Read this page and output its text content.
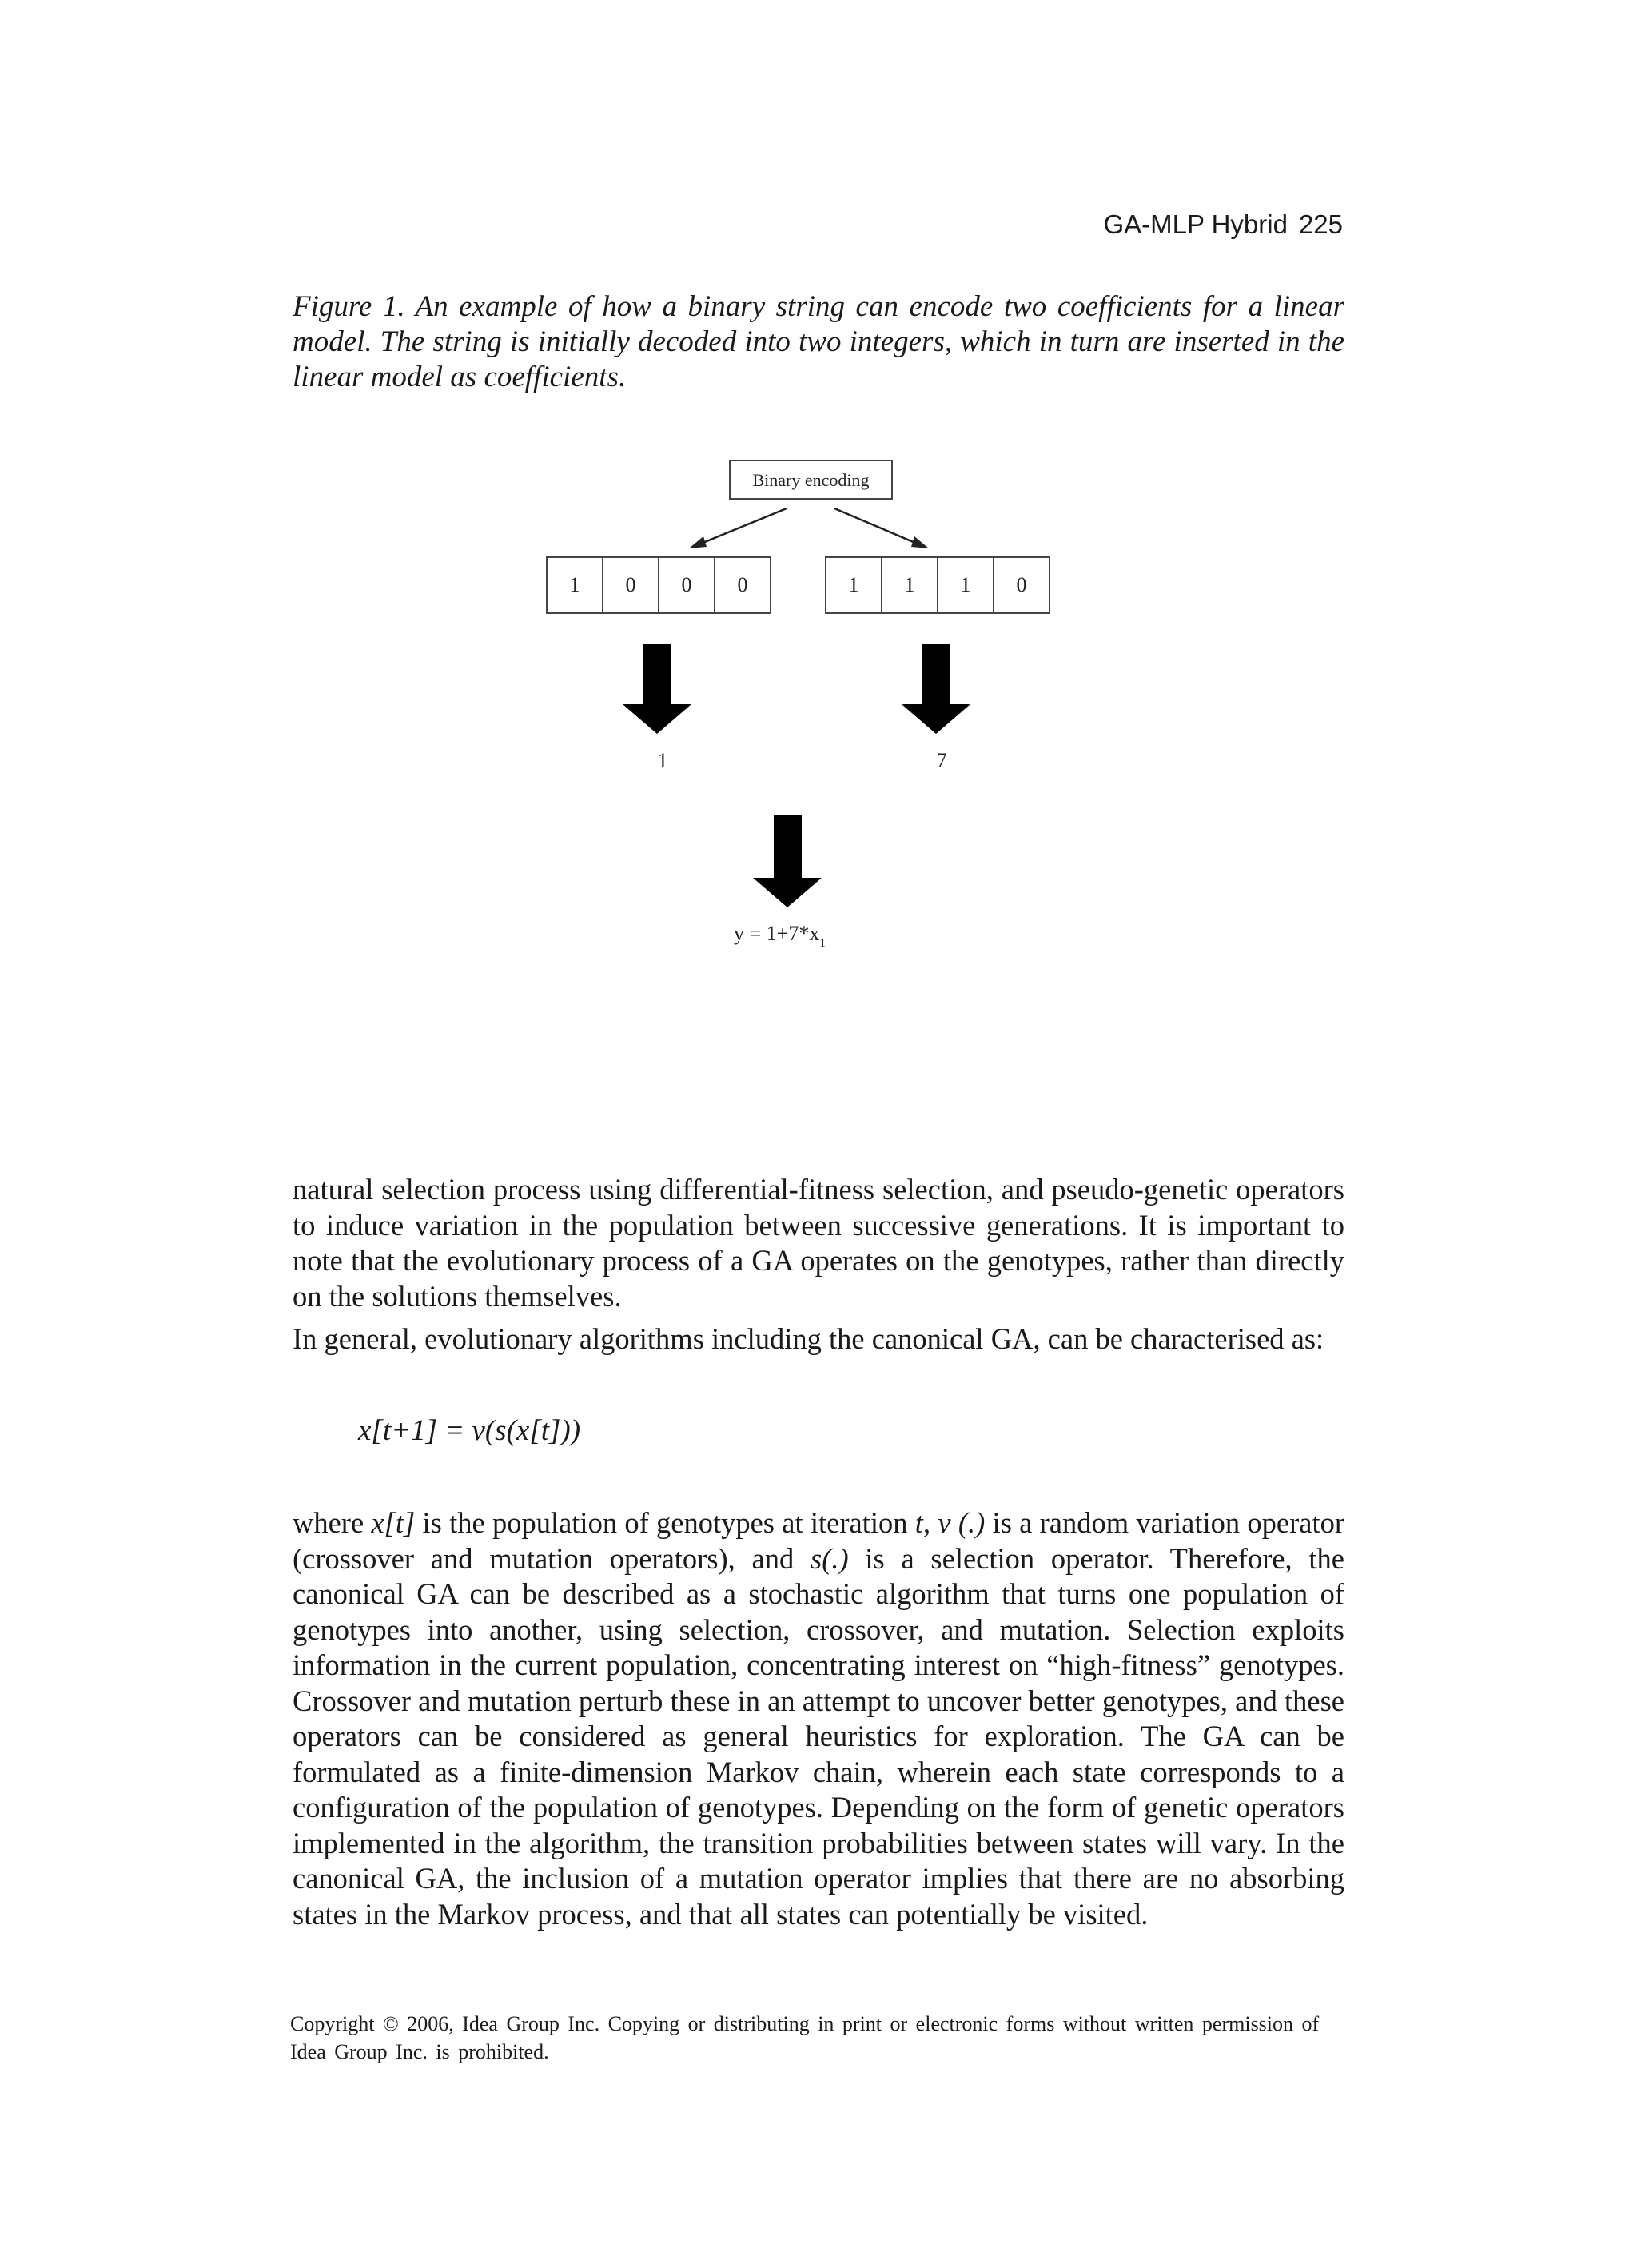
GA-MLP Hybrid 225
Figure 1. An example of how a binary string can encode two coefficients for a linear model. The string is initially decoded into two integers, which in turn are inserted in the linear model as coefficients.
Binary encoding
1 0 0 0	1 1 1 0
1	7
$y = 1+7*x_1$

natural selection process using differential-fitness selection, and pseudo-genetic operators to induce variation in the population between successive generations. It is important to note that the evolutionary process of a GA operates on the genotypes, rather than directly on the solutions themselves.

In general, evolutionary algorithms including the canonical GA, can be characterised as:

x[t+1] = v(s(x[t]))

where x[t] is the population of genotypes at iteration t, v (.) is a random variation operator (crossover and mutation operators), and s(.) is a selection operator. Therefore, the canonical GA can be described as a stochastic algorithm that turns one population of genotypes into another, using selection, crossover, and mutation. Selection exploits information in the current population, concentrating interest on “high-fitness” genotypes. Crossover and mutation perturb these in an attempt to uncover better genotypes, and these operators can be considered as general heuristics for exploration. The GA can be formulated as a finite-dimension Markov chain, wherein each state corresponds to a configuration of the population of genotypes. Depending on the form of genetic operators implemented in the algorithm, the transition probabilities between states will vary. In the canonical GA, the inclusion of a mutation operator implies that there are no absorbing states in the Markov process, and that all states can potentially be visited.

Copyright © 2006, Idea Group Inc. Copying or distributing in print or electronic forms without written permission of Idea Group Inc. is prohibited.
